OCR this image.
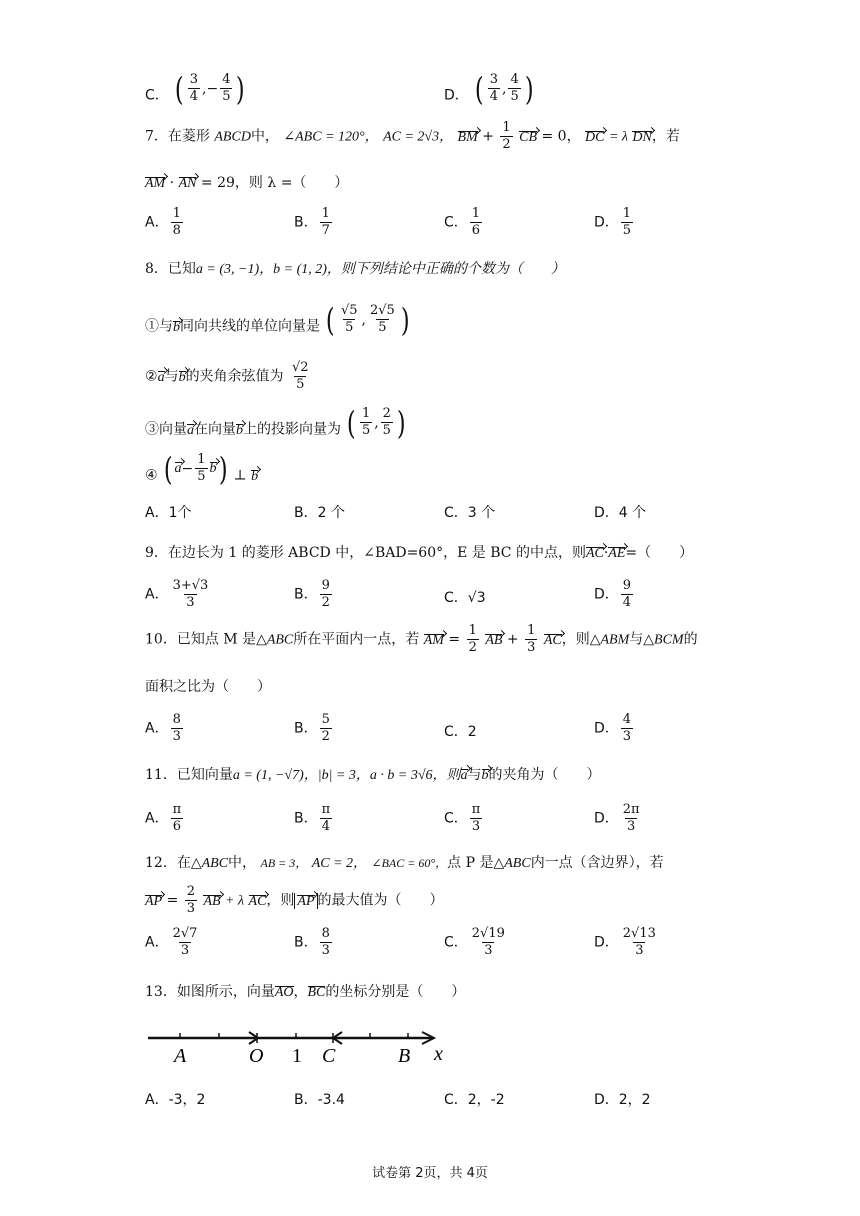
C． ( $\frac{3}{4}$ ,− $\frac{4}{5}$ )	D． ( $\frac{3}{4}$ , $\frac{4}{5}$ )
7．在菱形 ABCD中， ∠ABC = 120°， AC = 2√3， BM + $\frac{1}{2}$ CB = 0， DC = λ DN，若
AM · AN = 29，则 λ =（　　）
A． $\frac{1}{8}$	B． $\frac{1}{7}$	C． $\frac{1}{6}$	D． $\frac{1}{5}$
8．已知a = (3, −1)，b = (1, 2)，则下列结论中正确的个数为（　　）
①与b同向共线的单位向量是 ( $\frac{√5}{5}$ , $\frac{2√5}{5}$ )
②a与b的夹角余弦值为 $\frac{√2}{5}$
③向量a在向量b上的投影向量为 ( $\frac{1}{5}$ , $\frac{2}{5}$ )
④ ( $a - \frac{1}{5}$ b ) ⊥ b
A．1个	B．2 个	C．3 个	D．4 个
9．在边长为 1 的菱形 ABCD 中，∠BAD=60°，E 是 BC 的中点，则AC·AE=（　　）
A． $\frac{3+√3}{3}$	B． $\frac{9}{2}$	C．√3	D． $\frac{9}{4}$
10．已知点 M 是△ABC所在平面内一点，若 AM = $\frac{1}{2}$ AB + $\frac{1}{3}$ AC，则△ABM与△BCM的
面积之比为（　　）
A． $\frac{8}{3}$	B． $\frac{5}{2}$	C．2	D． $\frac{4}{3}$
11．已知向量a = (1, −√7)，|b| = 3，a · b = 3√6，则a与b的夹角为（　　）
A． $\frac{\pi}{6}$	B． $\frac{\pi}{4}$	C． $\frac{\pi}{3}$	D． $\frac{2\pi}{3}$
12．在△ABC中， AB = 3， AC = 2， ∠BAC = 60°，点 P 是△ABC内一点（含边界），若
AP = $\frac{2}{3}$ AB + λ AC，则 AP 的最大值为（　　）
A． $\frac{2√7}{3}$	B． $\frac{8}{3}$	C． $\frac{2√19}{3}$	D． $\frac{2√13}{3}$
13．如图所示，向量AO，BC的坐标分别是（　　）
A	O 1 C	B x
A．-3，2	B．-3.4	C．2，-2	D．2，2
试卷第 2页，共 4页
